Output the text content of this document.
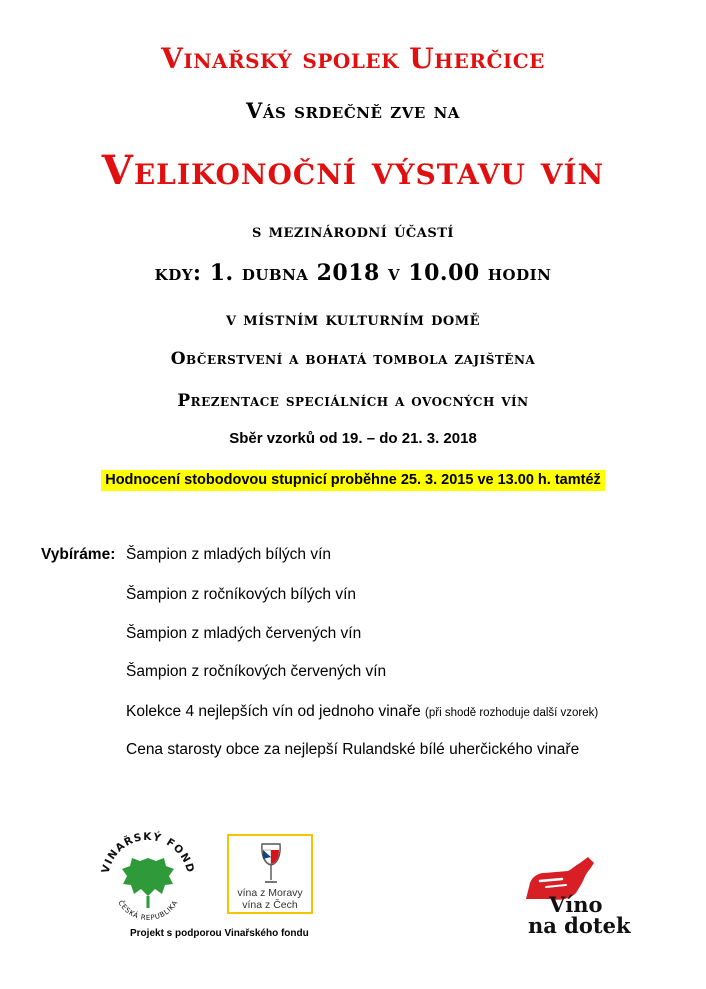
Vinařský spolek Uherčice
Vás srdečně zve na
Velikonoční výstavu vín
s mezinárodní účastí
kdy: 1. dubna 2018 v 10.00 hodin
v místním kulturním domě
Občerstvení a bohatá tombola zajištěna
Prezentace speciálních a ovocných vín
Sběr vzorků od 19. – do 21. 3. 2018
Hodnocení stobodovou stupnicí proběhne 25. 3. 2015 ve 13.00 h. tamtéž
Vybíráme: Šampion z mladých bílých vín
Šampion z ročníkových bílých vín
Šampion z mladých červených vín
Šampion z ročníkových červených vín
Kolekce 4 nejlepších vín od jednoho vinaře (při shodě rozhoduje další vzorek)
Cena starosty obce za nejlepší Rulandské bílé uherčického vinaře
VINAŘSKÝ FOND
ČESKÁ REPUBLIKA
Projekt s podporou Vinařského fondu
vína z Moravy
vína z Čech	Víno
na dotek
